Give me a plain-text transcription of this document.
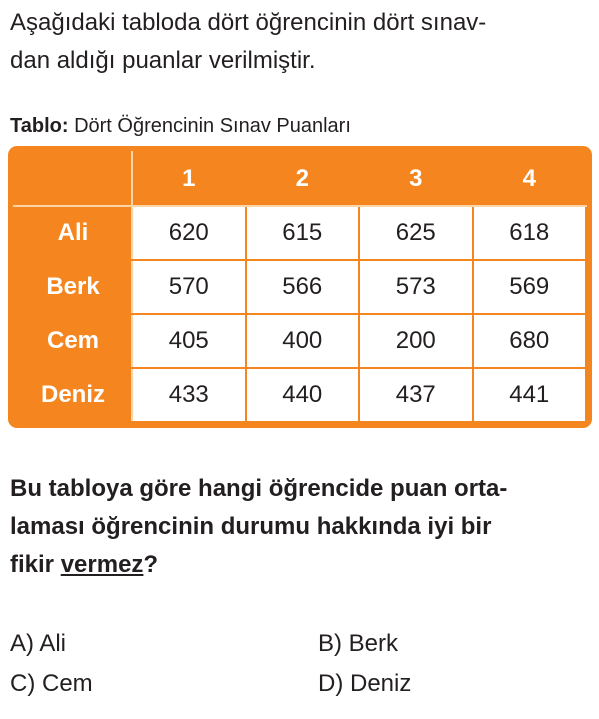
Aşağıdaki tabloda dört öğrencinin dört sınav-
dan aldığı puanlar verilmiştir.
Tablo: Dört Öğrencinin Sınav Puanları
	1	2	3	4
Ali	620	615	625	618
Berk	570	566	573	569
Cem	405	400	200	680
Deniz	433	440	437	441
Bu tabloya göre hangi öğrencide puan orta-
laması öğrencinin durumu hakkında iyi bir
fikir vermez?
A) Ali	B) Berk
C) Cem	D) Deniz
